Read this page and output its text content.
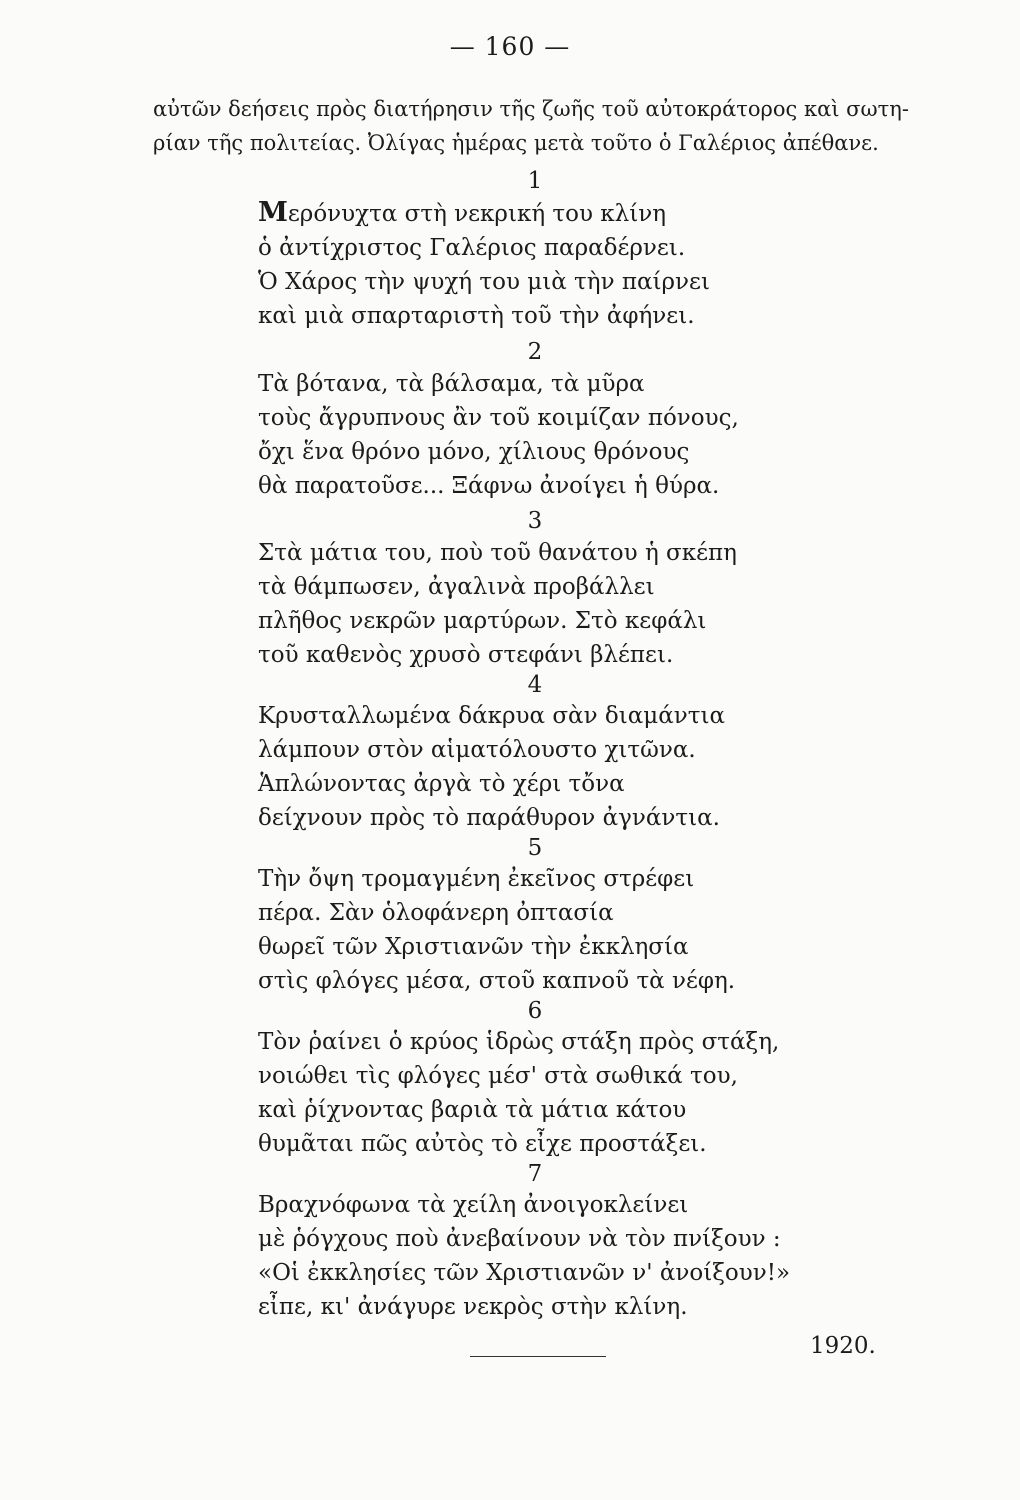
— 160 —

αὐτῶν δεήσεις πρὸς διατήρησιν τῆς ζωῆς τοῦ αὐτοκράτορος καὶ σωτη-

ρίαν τῆς πολιτείας. Ὀλίγας ἡμέρας μετὰ τοῦτο ὁ Γαλέριος ἀπέθανε.

1

Μερόνυχτα στὴ νεκρική του κλίνη

ὁ ἀντίχριστος Γαλέριος παραδέρνει.

Ὁ Χάρος τὴν ψυχή του μιὰ τὴν παίρνει

καὶ μιὰ σπαρταριστὴ τοῦ τὴν ἀφήνει.

2

Τὰ βότανα, τὰ βάλσαμα, τὰ μῦρα

τοὺς ἄγρυπνους ἂν τοῦ κοιμίζαν πόνους,

ὄχι ἕνα θρόνο μόνο, χίλιους θρόνους

θὰ παρατοῦσε... Ξάφνω ἀνοίγει ἡ θύρα.

3

Στὰ μάτια του, ποὺ τοῦ θανάτου ἡ σκέπη

τὰ θάμπωσεν, ἀγαλινὰ προβάλλει

πλῆθος νεκρῶν μαρτύρων. Στὸ κεφάλι

τοῦ καθενὸς χρυσὸ στεφάνι βλέπει.

4

Κρυσταλλωμένα δάκρυα σὰν διαμάντια

λάμπουν στὸν αἱματόλουστο χιτῶνα.

Ἁπλώνοντας ἀργὰ τὸ χέρι τὄνα

δείχνουν πρὸς τὸ παράθυρον ἀγνάντια.

5

Τὴν ὄψη τρομαγμένη ἐκεῖνος στρέφει

πέρα. Σὰν ὁλοφάνερη ὀπτασία

θωρεῖ τῶν Χριστιανῶν τὴν ἐκκλησία

στὶς φλόγες μέσα, στοῦ καπνοῦ τὰ νέφη.

6

Τὸν ῥαίνει ὁ κρύος ἱδρὼς στάξη πρὸς στάξη,

νοιώθει τὶς φλόγες μέσ' στὰ σωθικά του,

καὶ ῥίχνοντας βαριὰ τὰ μάτια κάτου

θυμᾶται πῶς αὐτὸς τὸ εἶχε προστάξει.

7

Βραχνόφωνα τὰ χείλη ἀνοιγοκλείνει

μὲ ῥόγχους ποὺ ἀνεβαίνουν νὰ τὸν πνίξουν :

«Οἱ ἐκκλησίες τῶν Χριστιανῶν ν' ἀνοίξουν!»

εἶπε, κι' ἀνάγυρε νεκρὸς στὴν κλίνη.

1920.
